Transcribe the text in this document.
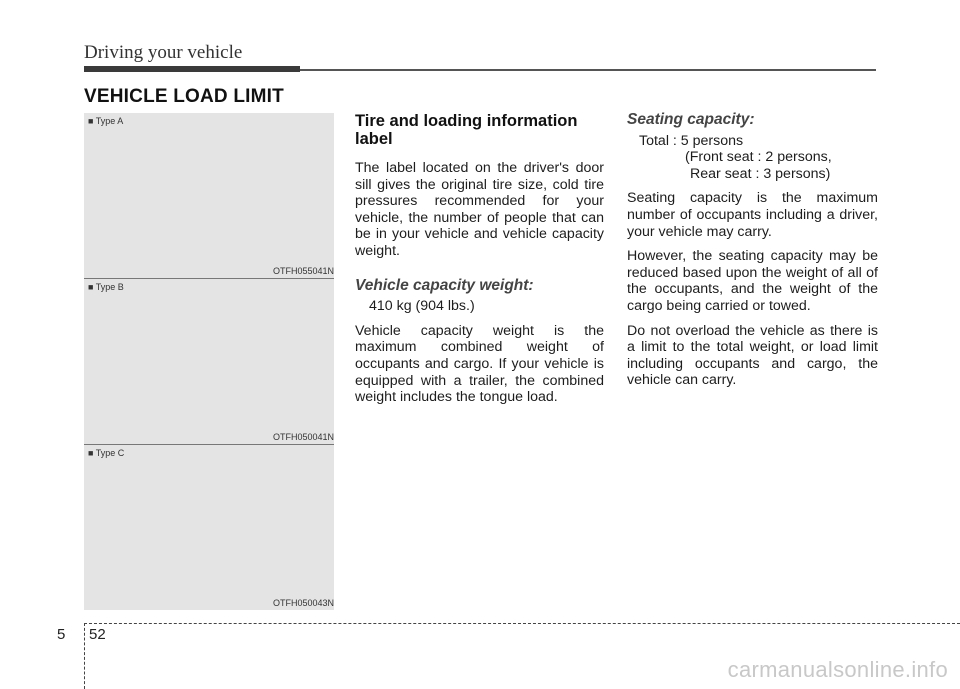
Driving your vehicle
VEHICLE LOAD LIMIT
■ Type A
OTFH055041N
■ Type B
OTFH050041N
■ Type C
OTFH050043N
Tire and loading information label

The label located on the driver's door sill gives the original tire size, cold tire pressures recommended for your vehicle, the number of people that can be in your vehicle and vehicle capacity weight.

Vehicle capacity weight:

410 kg (904 lbs.)

Vehicle capacity weight is the maximum combined weight of occupants and cargo. If your vehicle is equipped with a trailer, the combined weight includes the tongue load.

Seating capacity:
Total : 5 persons
(Front seat : 2 persons,
Rear seat : 3 persons)

Seating capacity is the maximum number of occupants including a driver, your vehicle may carry.

However, the seating capacity may be reduced based upon the weight of all of the occupants, and the weight of the cargo being carried or towed.

Do not overload the vehicle as there is a limit to the total weight, or load limit including occupants and cargo, the vehicle can carry.

5 52
carmanualsonline.info
